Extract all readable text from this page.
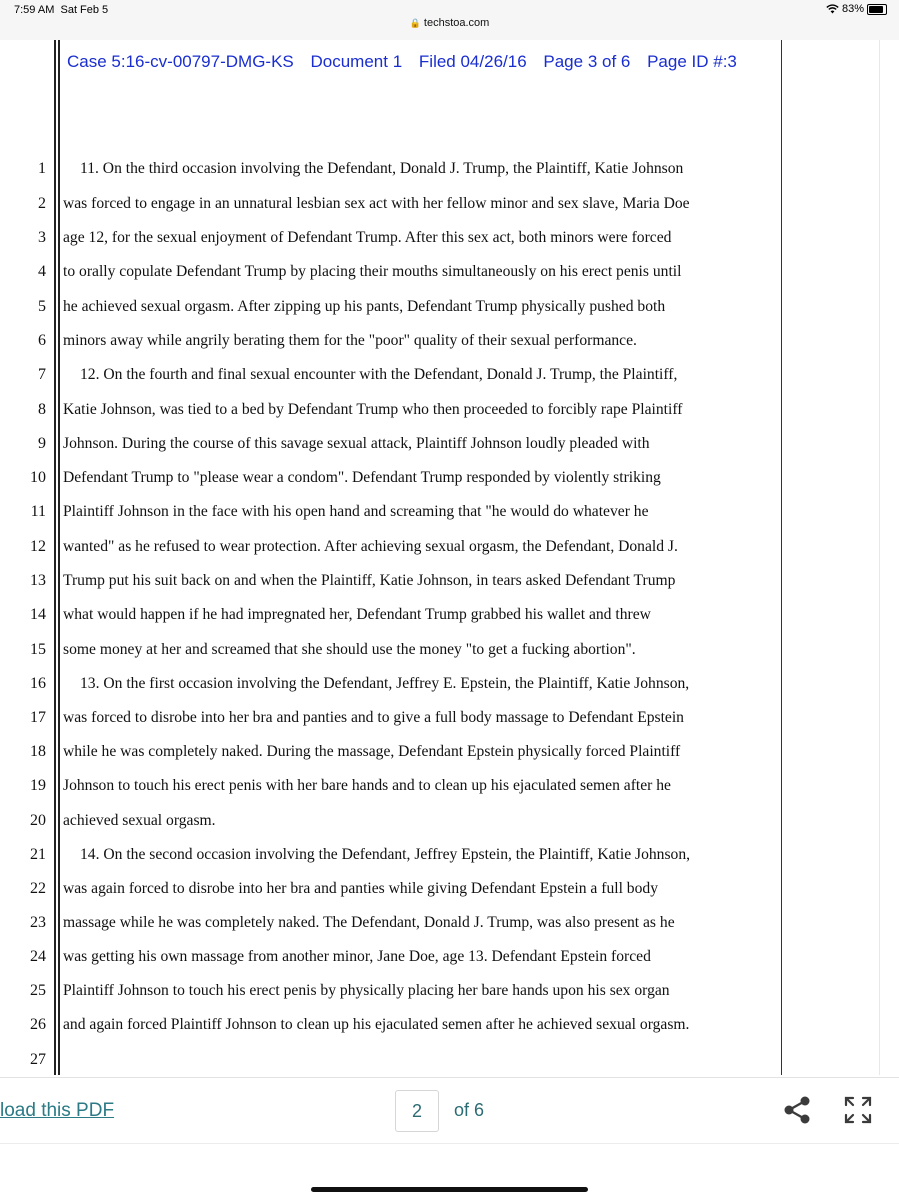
7:59 AM Sat Feb 5
🔒 techstoa.com
83%
Case 5:16-cv-00797-DMG-KS Document 1 Filed 04/26/16 Page 3 of 6 Page ID #:3
1 11. On the third occasion involving the Defendant, Donald J. Trump, the Plaintiff, Katie Johnson
2 was forced to engage in an unnatural lesbian sex act with her fellow minor and sex slave, Maria Doe
3 age 12, for the sexual enjoyment of Defendant Trump. After this sex act, both minors were forced
4 to orally copulate Defendant Trump by placing their mouths simultaneously on his erect penis until
5 he achieved sexual orgasm. After zipping up his pants, Defendant Trump physically pushed both
6 minors away while angrily berating them for the "poor" quality of their sexual performance.
7 12. On the fourth and final sexual encounter with the Defendant, Donald J. Trump, the Plaintiff,
8 Katie Johnson, was tied to a bed by Defendant Trump who then proceeded to forcibly rape Plaintiff
9 Johnson. During the course of this savage sexual attack, Plaintiff Johnson loudly pleaded with
10 Defendant Trump to "please wear a condom". Defendant Trump responded by violently striking
11 Plaintiff Johnson in the face with his open hand and screaming that "he would do whatever he
12 wanted" as he refused to wear protection. After achieving sexual orgasm, the Defendant, Donald J.
13 Trump put his suit back on and when the Plaintiff, Katie Johnson, in tears asked Defendant Trump
14 what would happen if he had impregnated her, Defendant Trump grabbed his wallet and threw
15 some money at her and screamed that she should use the money "to get a fucking abortion".
16 13. On the first occasion involving the Defendant, Jeffrey E. Epstein, the Plaintiff, Katie Johnson,
17 was forced to disrobe into her bra and panties and to give a full body massage to Defendant Epstein
18 while he was completely naked. During the massage, Defendant Epstein physically forced Plaintiff
19 Johnson to touch his erect penis with her bare hands and to clean up his ejaculated semen after he
20 achieved sexual orgasm.
21 14. On the second occasion involving the Defendant, Jeffrey Epstein, the Plaintiff, Katie Johnson,
22 was again forced to disrobe into her bra and panties while giving Defendant Epstein a full body
23 massage while he was completely naked. The Defendant, Donald J. Trump, was also present as he
24 was getting his own massage from another minor, Jane Doe, age 13. Defendant Epstein forced
25 Plaintiff Johnson to touch his erect penis by physically placing her bare hands upon his sex organ
26 and again forced Plaintiff Johnson to clean up his ejaculated semen after he achieved sexual orgasm.
27
load this PDF	2	of 6
